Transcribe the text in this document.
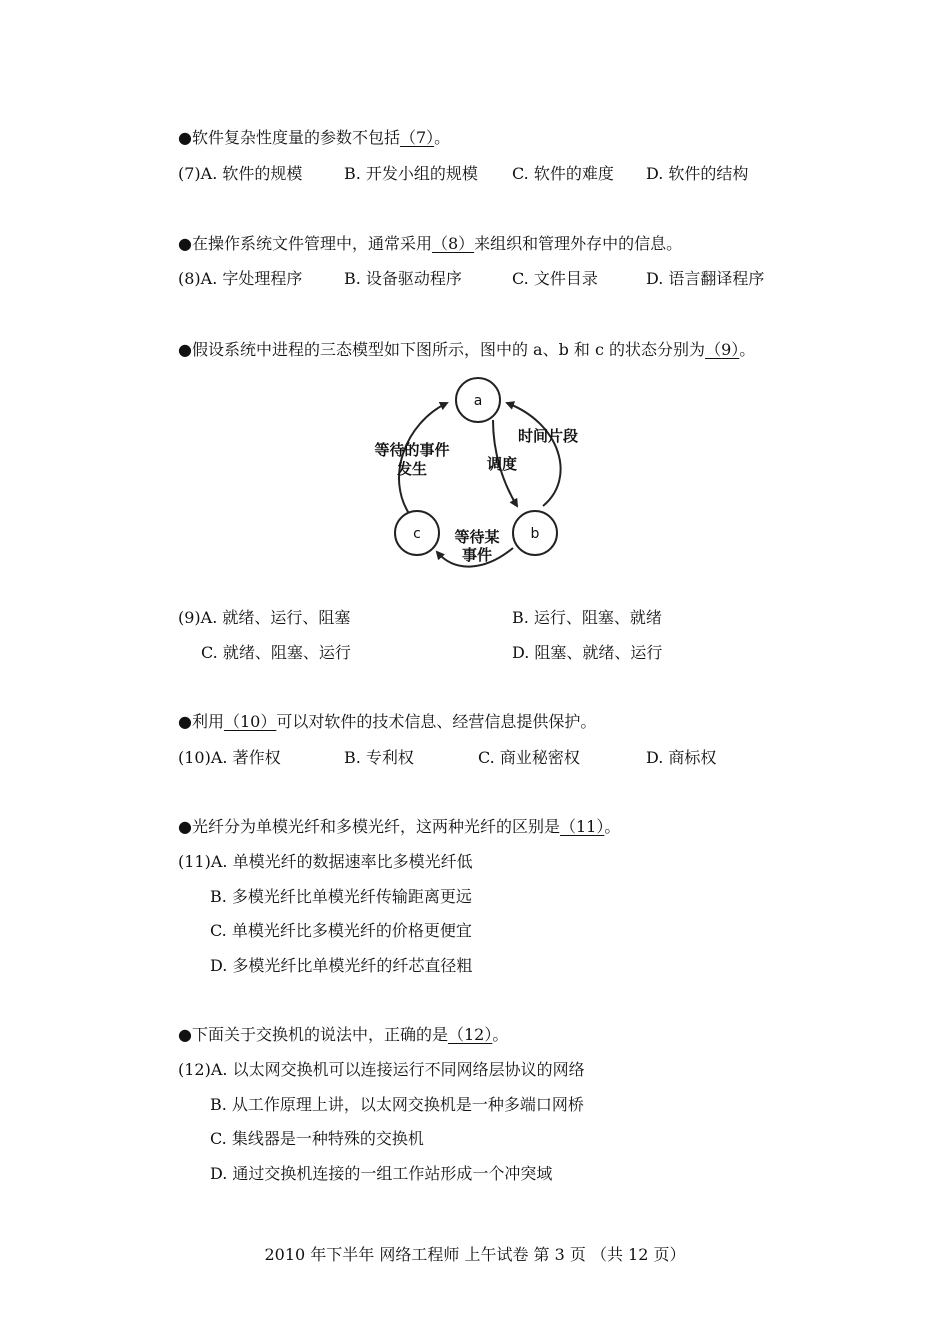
●软件复杂性度量的参数不包括（7）。
(7)A. 软件的规模	B. 开发小组的规模 C. 软件的难度 D. 软件的结构
●在操作系统文件管理中，通常采用（8）来组织和管理外存中的信息。
(8)A. 字处理程序	B. 设备驱动程序	C. 文件目录	D. 语言翻译程序
●假设系统中进程的三态模型如下图所示，图中的 a、b 和 c 的状态分别为（9）。
a
b
c
时间片段
调度
等待的事件
发生
等待某
事件
(9)A. 就绪、运行、阻塞	B. 运行、阻塞、就绪
C. 就绪、阻塞、运行	D. 阻塞、就绪、运行
●利用（10）可以对软件的技术信息、经营信息提供保护。
(10)A. 著作权	B. 专利权	C. 商业秘密权	D. 商标权
●光纤分为单模光纤和多模光纤，这两种光纤的区别是（11）。
(11)A. 单模光纤的数据速率比多模光纤低
B. 多模光纤比单模光纤传输距离更远
C. 单模光纤比多模光纤的价格更便宜
D. 多模光纤比单模光纤的纤芯直径粗
●下面关于交换机的说法中，正确的是（12）。
(12)A. 以太网交换机可以连接运行不同网络层协议的网络
B. 从工作原理上讲，以太网交换机是一种多端口网桥
C. 集线器是一种特殊的交换机
D. 通过交换机连接的一组工作站形成一个冲突域
2010 年下半年 网络工程师 上午试卷 第 3 页 （共 12 页）
